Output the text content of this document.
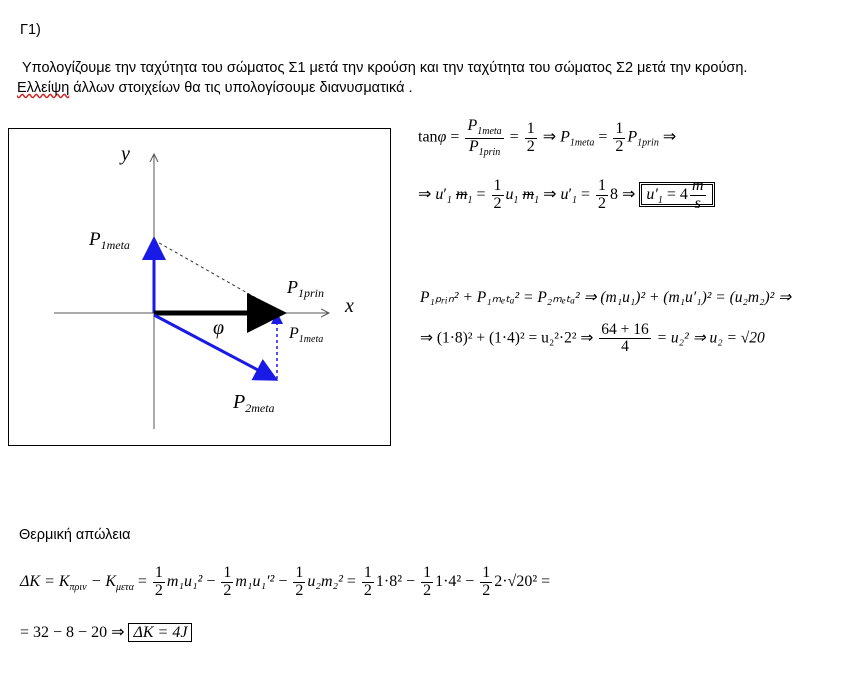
Γ1)
Υπολογίζουμε την ταχύτητα του σώματος Σ1 μετά την κρούση και την ταχύτητα του σώματος Σ2 μετά την κρούση.
Ελλείψη άλλων στοιχείων θα τις υπολογίσουμε διανυσματικά .
y
x
$P_{1meta}$
$P_{1prin}$
$P_{1meta}$
φ
$P_{2meta}$
$\tan\varphi = \frac{P_{1meta}}{P_{1prin}} = \frac{1}{2}$ ⇒ $P_{1meta} = \frac{1}{2} P_{1prin}$ ⇒
⇒ $u'_1$ $m_1 = \frac{1}{2} u_1$ $m_1$ ⇒ $u'_1 = \frac{1}{2} 8$ ⇒ $u'_1 = 4 \frac{m}{s}$
P₁ₚᵣᵢₙ² + P₁ₘₑₜₐ² = P₂ₘₑₜₐ² ⇒ (m₁u₁)² + (m₁u′₁)² = (u₂m₂)² ⇒
⇒ (1·8)² + (1·4)² = u₂²·2² ⇒ $\frac{64 + 16}{4} = u_2^2$ ⇒ u₂ = √20
Θερμική απώλεια
$\Delta K = K_{\pi\rho\iota\nu} - K_{\mu\varepsilon\tau\alpha} = \frac{1}{2} m_1u_1^2 - \frac{1}{2} m_1u_1'^2 - \frac{1}{2} u_2m_2^2 = \frac{1}{2} 1\cdot 8^2 - \frac{1}{2} 1\cdot 4^2 - \frac{1}{2} 2\cdot√20^2$ =
= 32 − 8 − 20 ⇒ ΔK = 4J
